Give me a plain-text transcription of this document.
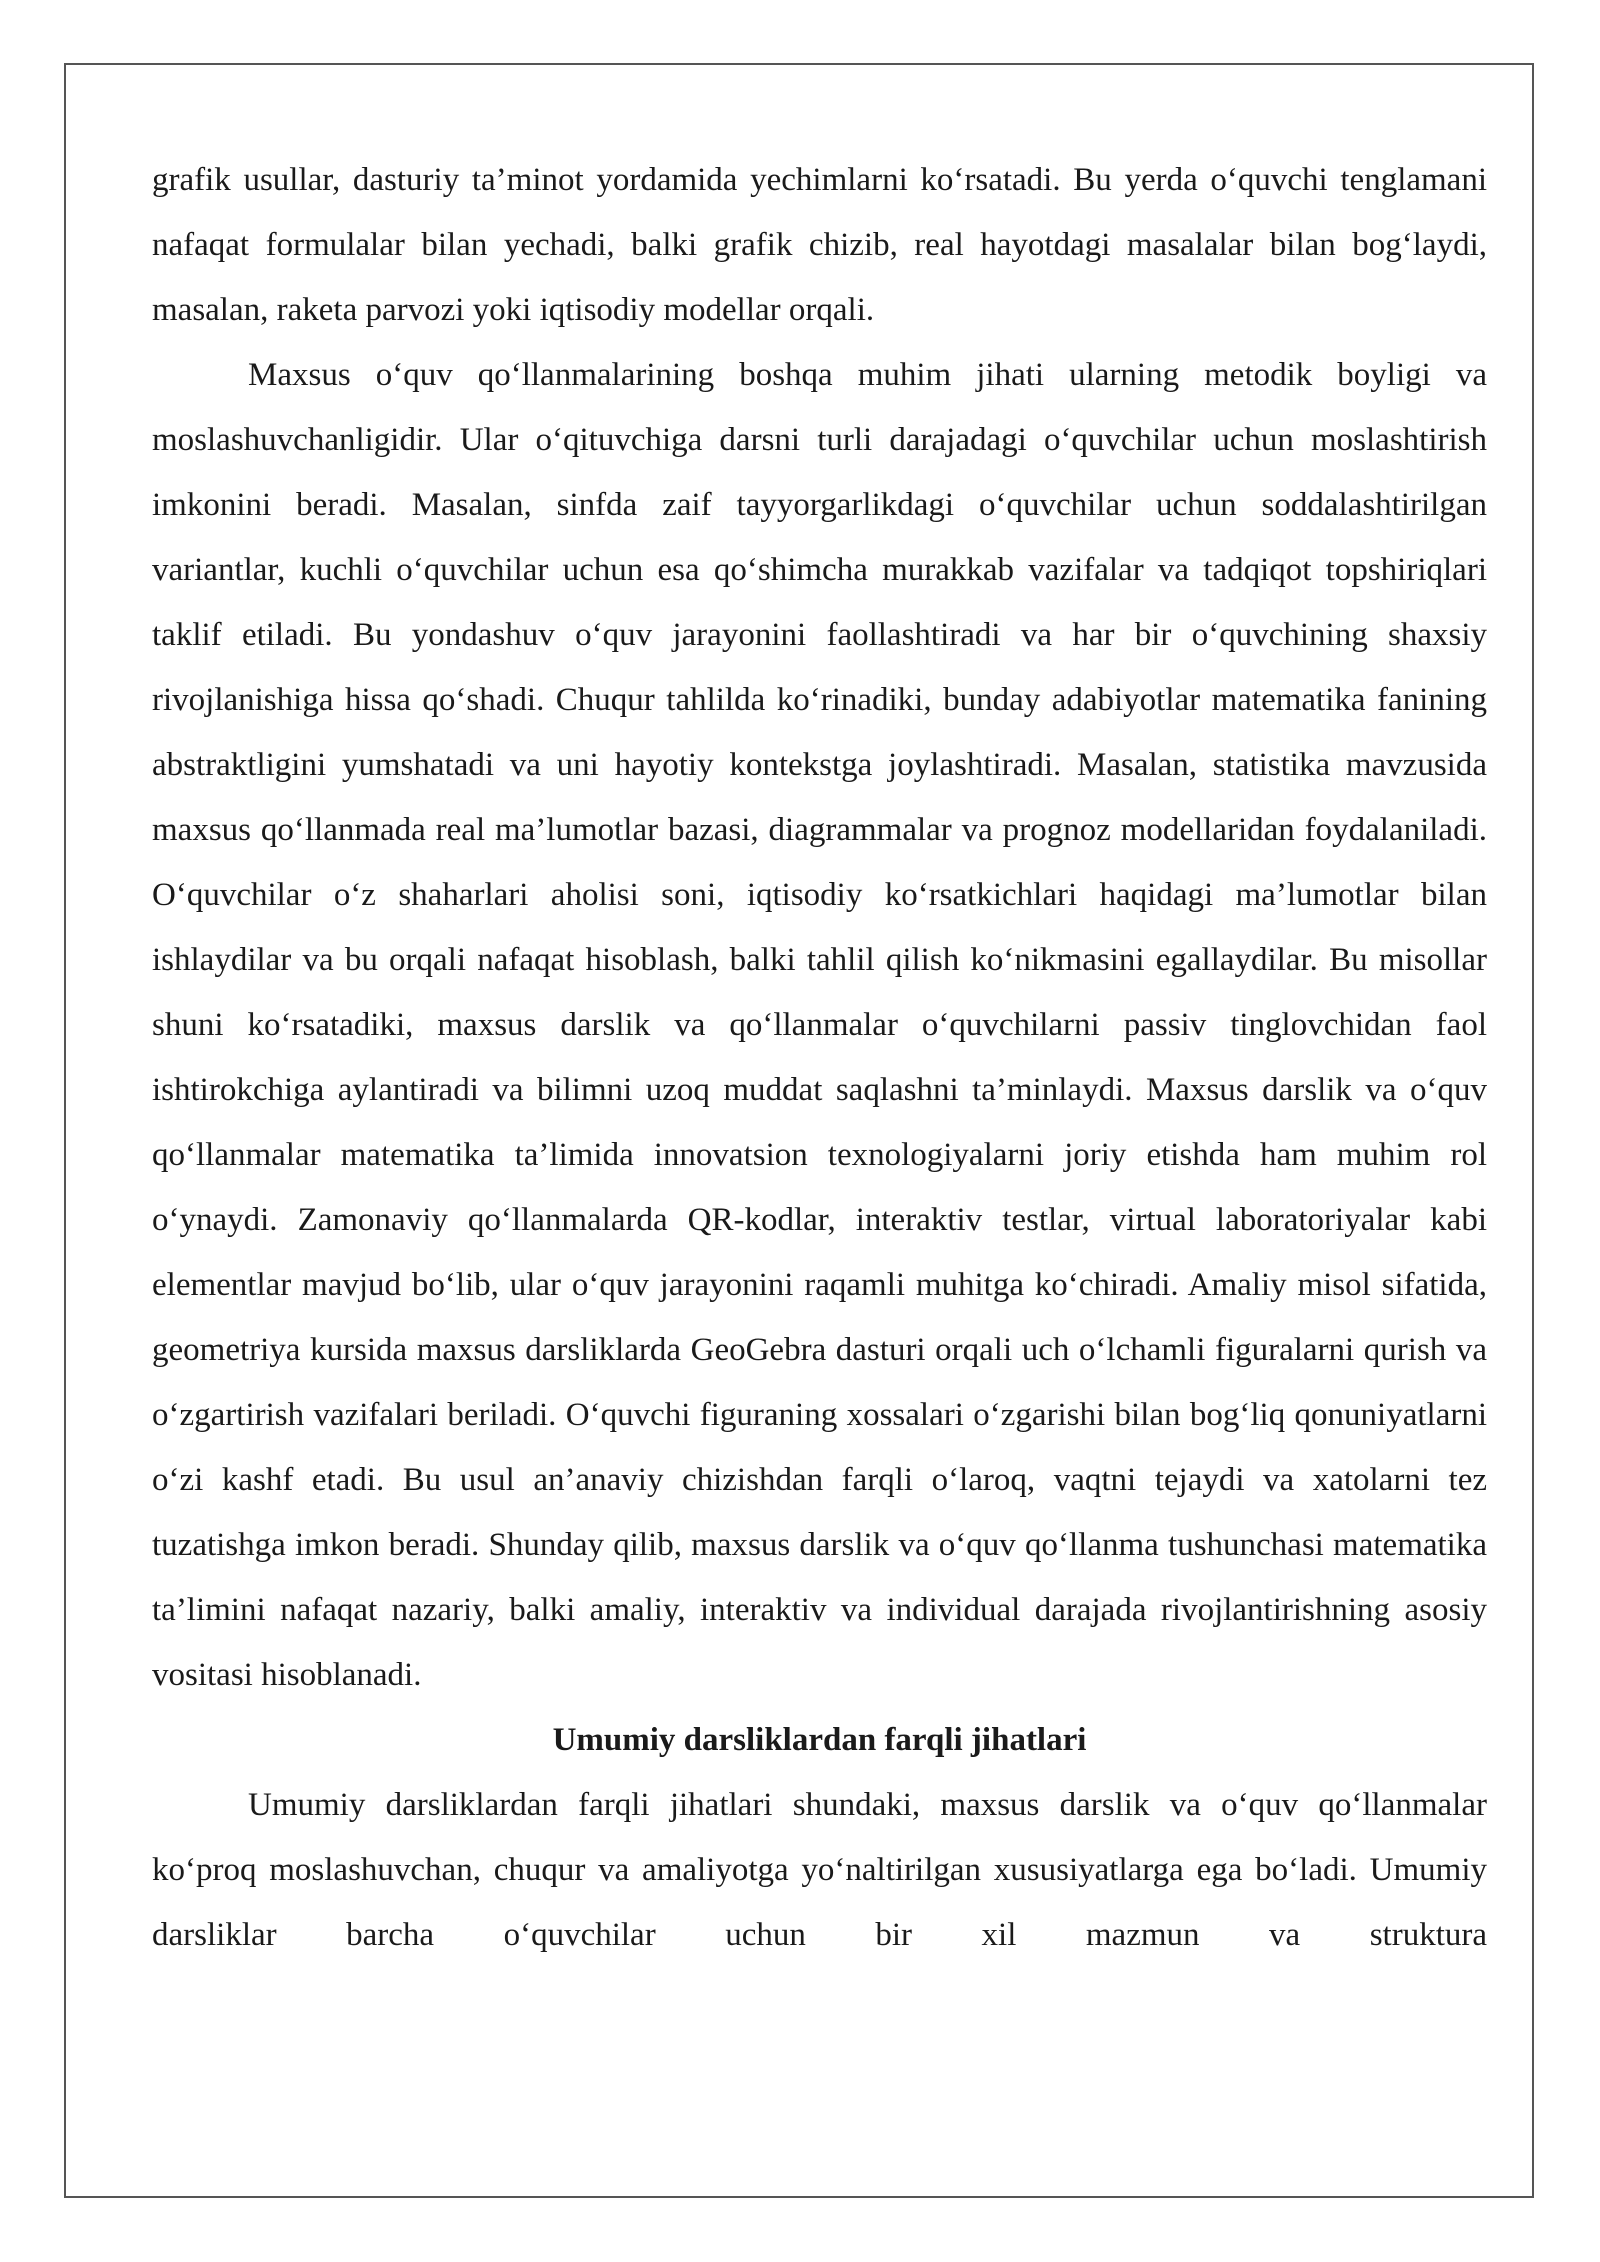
grafik usullar, dasturiy ta’minot yordamida yechimlarni ko‘rsatadi. Bu yerda o‘quvchi tenglamani nafaqat formulalar bilan yechadi, balki grafik chizib, real hayotdagi masalalar bilan bog‘laydi, masalan, raketa parvozi yoki iqtisodiy modellar orqali.

Maxsus o‘quv qo‘llanmalarining boshqa muhim jihati ularning metodik boyligi va moslashuvchanligidir. Ular o‘qituvchiga darsni turli darajadagi o‘quvchilar uchun moslashtirish imkonini beradi. Masalan, sinfda zaif tayyorgarlikdagi o‘quvchilar uchun soddalashtirilgan variantlar, kuchli o‘quvchilar uchun esa qo‘shimcha murakkab vazifalar va tadqiqot topshiriqlari taklif etiladi. Bu yondashuv o‘quv jarayonini faollashtiradi va har bir o‘quvchining shaxsiy rivojlanishiga hissa qo‘shadi. Chuqur tahlilda ko‘rinadiki, bunday adabiyotlar matematika fanining abstraktligini yumshatadi va uni hayotiy kontekstga joylashtiradi. Masalan, statistika mavzusida maxsus qo‘llanmada real ma’lumotlar bazasi, diagrammalar va prognoz modellaridan foydalaniladi. O‘quvchilar o‘z shaharlari aholisi soni, iqtisodiy ko‘rsatkichlari haqidagi ma’lumotlar bilan ishlaydilar va bu orqali nafaqat hisoblash, balki tahlil qilish ko‘nikmasini egallaydilar. Bu misollar shuni ko‘rsatadiki, maxsus darslik va qo‘llanmalar o‘quvchilarni passiv tinglovchidan faol ishtirokchiga aylantiradi va bilimni uzoq muddat saqlashni ta’minlaydi. Maxsus darslik va o‘quv qo‘llanmalar matematika ta’limida innovatsion texnologiyalarni joriy etishda ham muhim rol o‘ynaydi. Zamonaviy qo‘llanmalarda QR-kodlar, interaktiv testlar, virtual laboratoriyalar kabi elementlar mavjud bo‘lib, ular o‘quv jarayonini raqamli muhitga ko‘chiradi. Amaliy misol sifatida, geometriya kursida maxsus darsliklarda GeoGebra dasturi orqali uch o‘lchamli figuralarni qurish va o‘zgartirish vazifalari beriladi. O‘quvchi figuraning xossalari o‘zgarishi bilan bog‘liq qonuniyatlarni o‘zi kashf etadi. Bu usul an’anaviy chizishdan farqli o‘laroq, vaqtni tejaydi va xatolarni tez tuzatishga imkon beradi. Shunday qilib, maxsus darslik va o‘quv qo‘llanma tushunchasi matematika ta’limini nafaqat nazariy, balki amaliy, interaktiv va individual darajada rivojlantirishning asosiy vositasi hisoblanadi.

Umumiy darsliklardan farqli jihatlari

Umumiy darsliklardan farqli jihatlari shundaki, maxsus darslik va o‘quv qo‘llanmalar ko‘proq moslashuvchan, chuqur va amaliyotga yo‘naltirilgan xususiyatlarga ega bo‘ladi. Umumiy darsliklar barcha o‘quvchilar uchun bir xil mazmun va struktura
